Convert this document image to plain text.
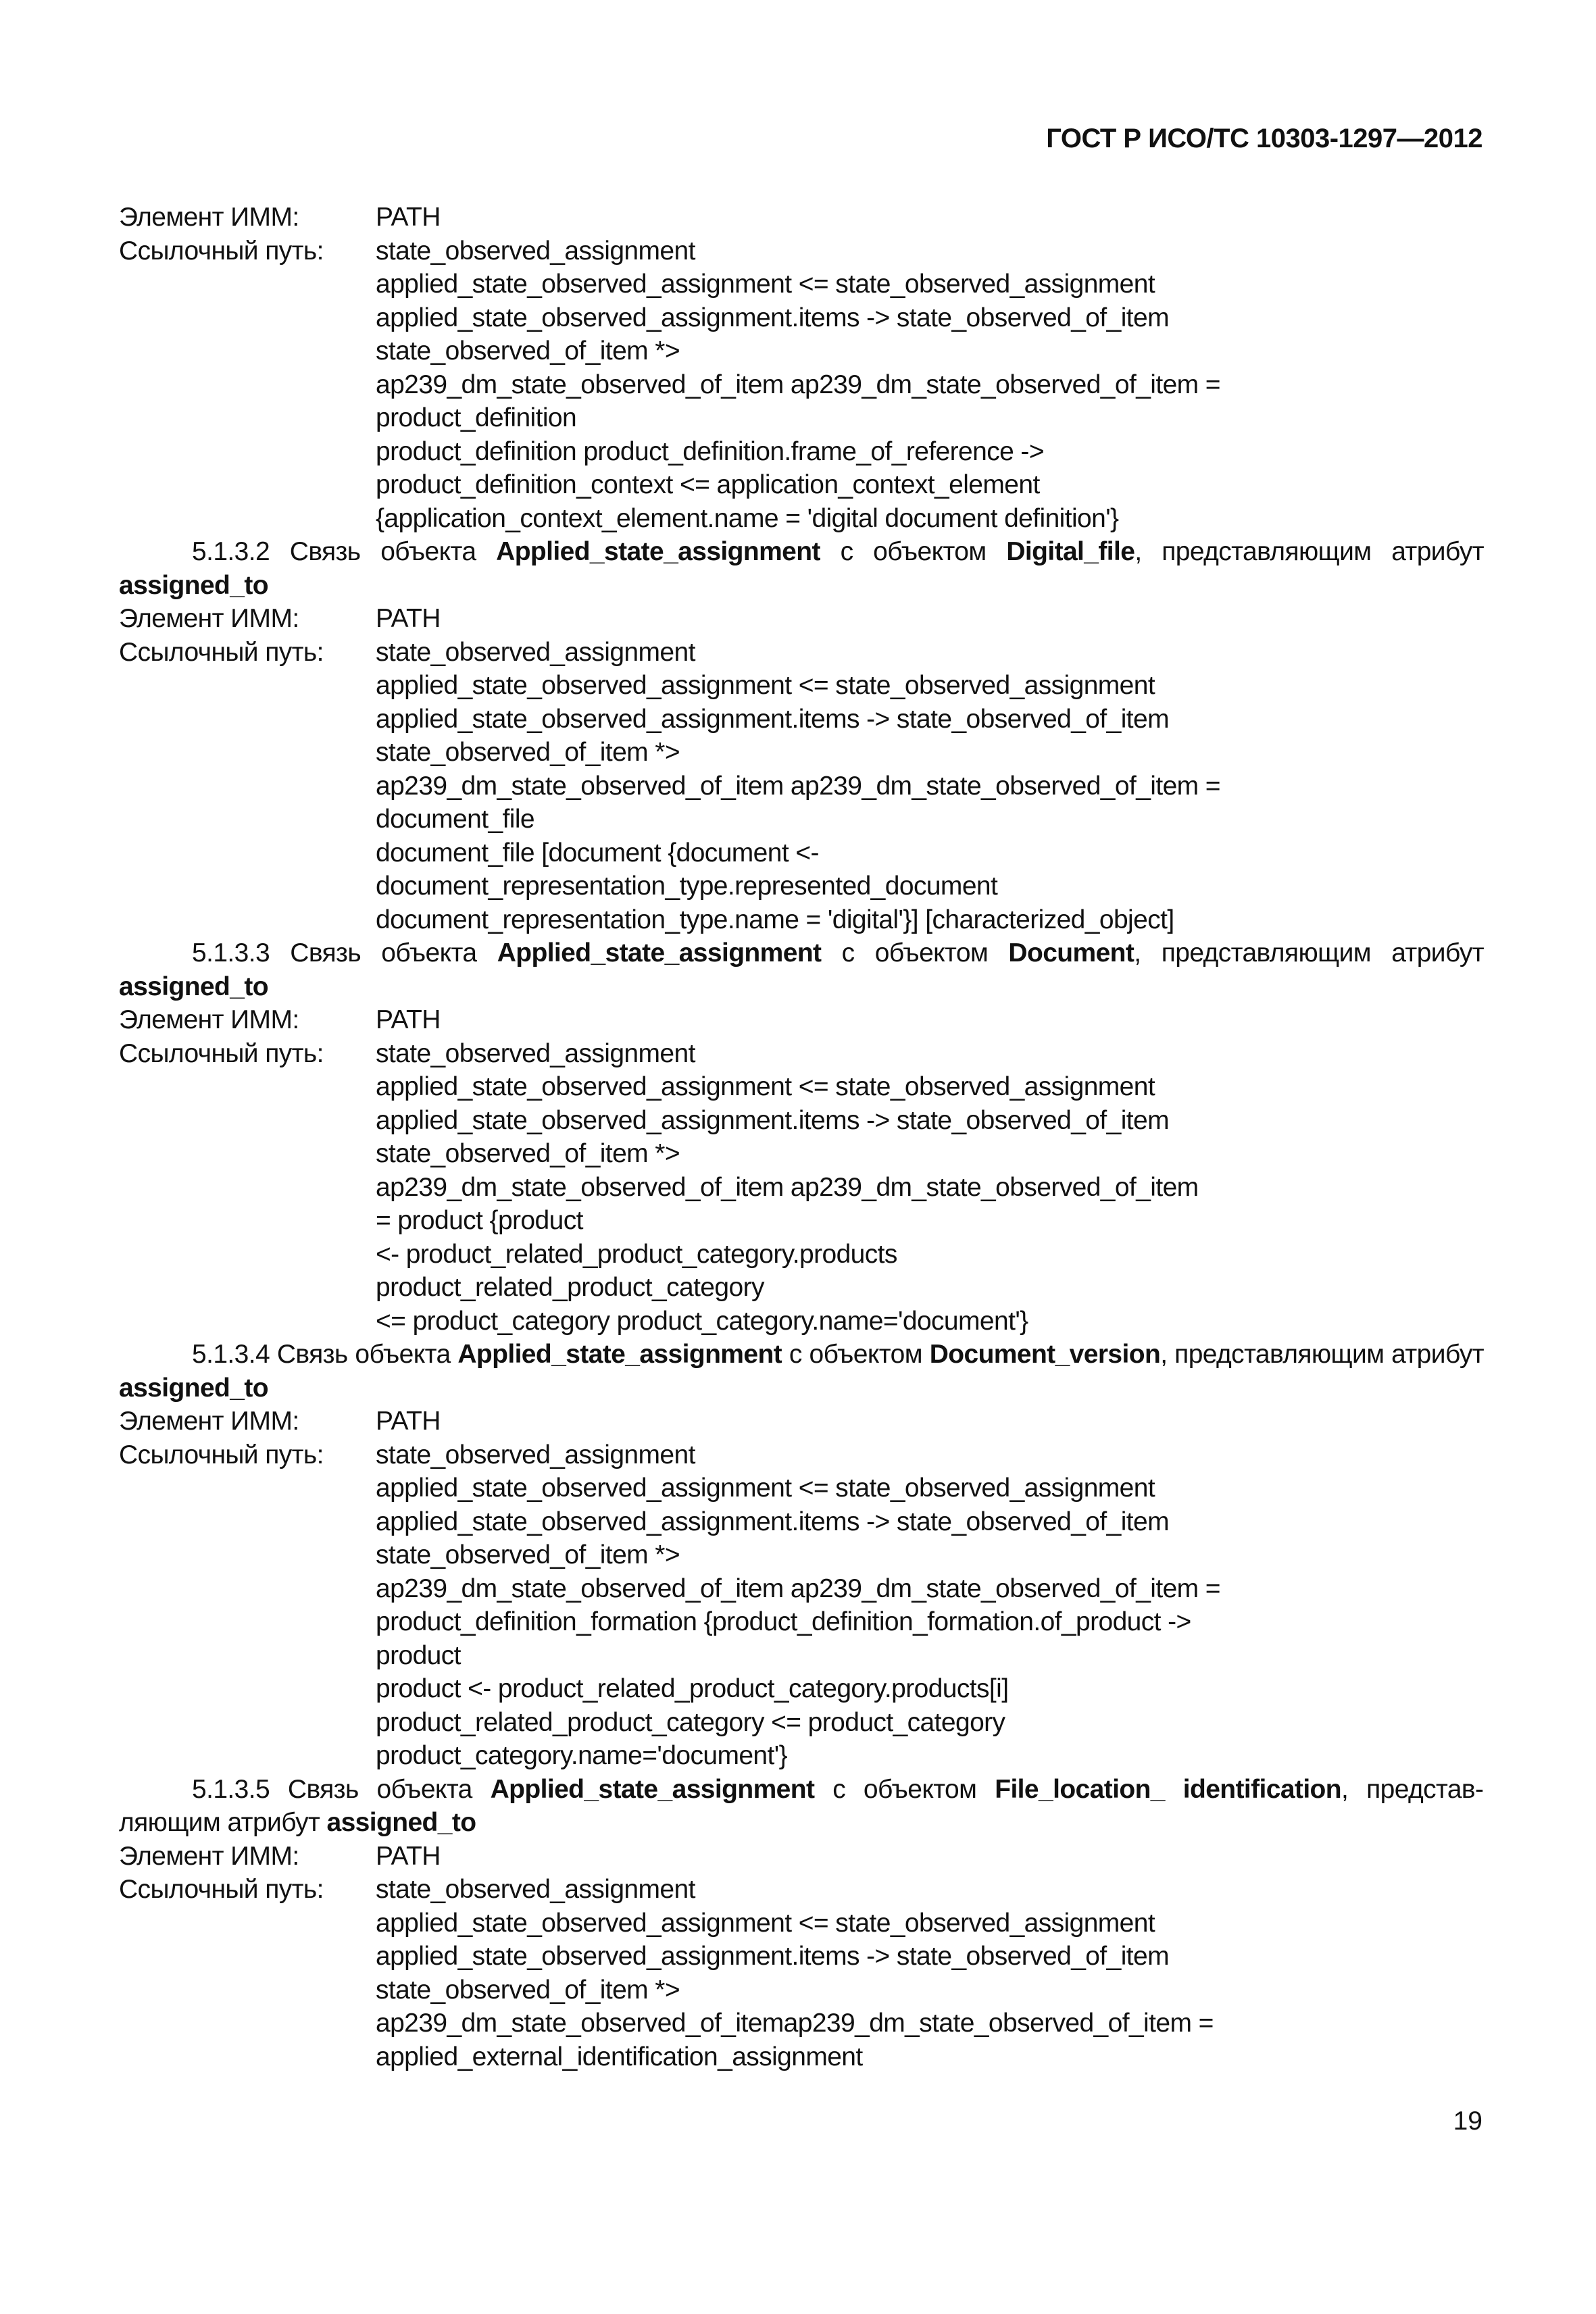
ГОСТ Р ИСО/ТС 10303-1297—2012
Элемент ИММ:	PATH
Ссылочный путь:	state_observed_assignment
applied_state_observed_assignment <= state_observed_assignment
applied_state_observed_assignment.items -> state_observed_of_item
state_observed_of_item *>
ap239_dm_state_observed_of_item ap239_dm_state_observed_of_item =
product_definition
product_definition product_definition.frame_of_reference ->
product_definition_context <= application_context_element
{application_context_element.name = 'digital document definition'}
5.1.3.2 Связь объекта Applied_state_assignment с объектом Digital_file, представляющим атрибут assigned_to
Элемент ИММ:	PATH
Ссылочный путь:	state_observed_assignment
applied_state_observed_assignment <= state_observed_assignment
applied_state_observed_assignment.items -> state_observed_of_item
state_observed_of_item *>
ap239_dm_state_observed_of_item ap239_dm_state_observed_of_item =
document_file
document_file [document {document <-
document_representation_type.represented_document
document_representation_type.name = 'digital'}] [characterized_object]
5.1.3.3 Связь объекта Applied_state_assignment с объектом Document, представляющим атрибут assigned_to
Элемент ИММ:	PATH
Ссылочный путь:	state_observed_assignment
applied_state_observed_assignment <= state_observed_assignment
applied_state_observed_assignment.items -> state_observed_of_item
state_observed_of_item *>
ap239_dm_state_observed_of_item ap239_dm_state_observed_of_item
= product {product
<- product_related_product_category.products
product_related_product_category
<= product_category product_category.name='document'}
5.1.3.4 Связь объекта Applied_state_assignment с объектом Document_version, представляющим атрибут assigned_to
Элемент ИММ:	PATH
Ссылочный путь:	state_observed_assignment
applied_state_observed_assignment <= state_observed_assignment
applied_state_observed_assignment.items -> state_observed_of_item
state_observed_of_item *>
ap239_dm_state_observed_of_item ap239_dm_state_observed_of_item =
product_definition_formation {product_definition_formation.of_product ->
product
product <- product_related_product_category.products[i]
product_related_product_category <= product_category
product_category.name='document'}
5.1.3.5 Связь объекта Applied_state_assignment с объектом File_location_ identification, представляющим атрибут assigned_to
Элемент ИММ:	PATH
Ссылочный путь:	state_observed_assignment
applied_state_observed_assignment <= state_observed_assignment
applied_state_observed_assignment.items -> state_observed_of_item
state_observed_of_item *>
ap239_dm_state_observed_of_itemap239_dm_state_observed_of_item =
applied_external_identification_assignment
19
